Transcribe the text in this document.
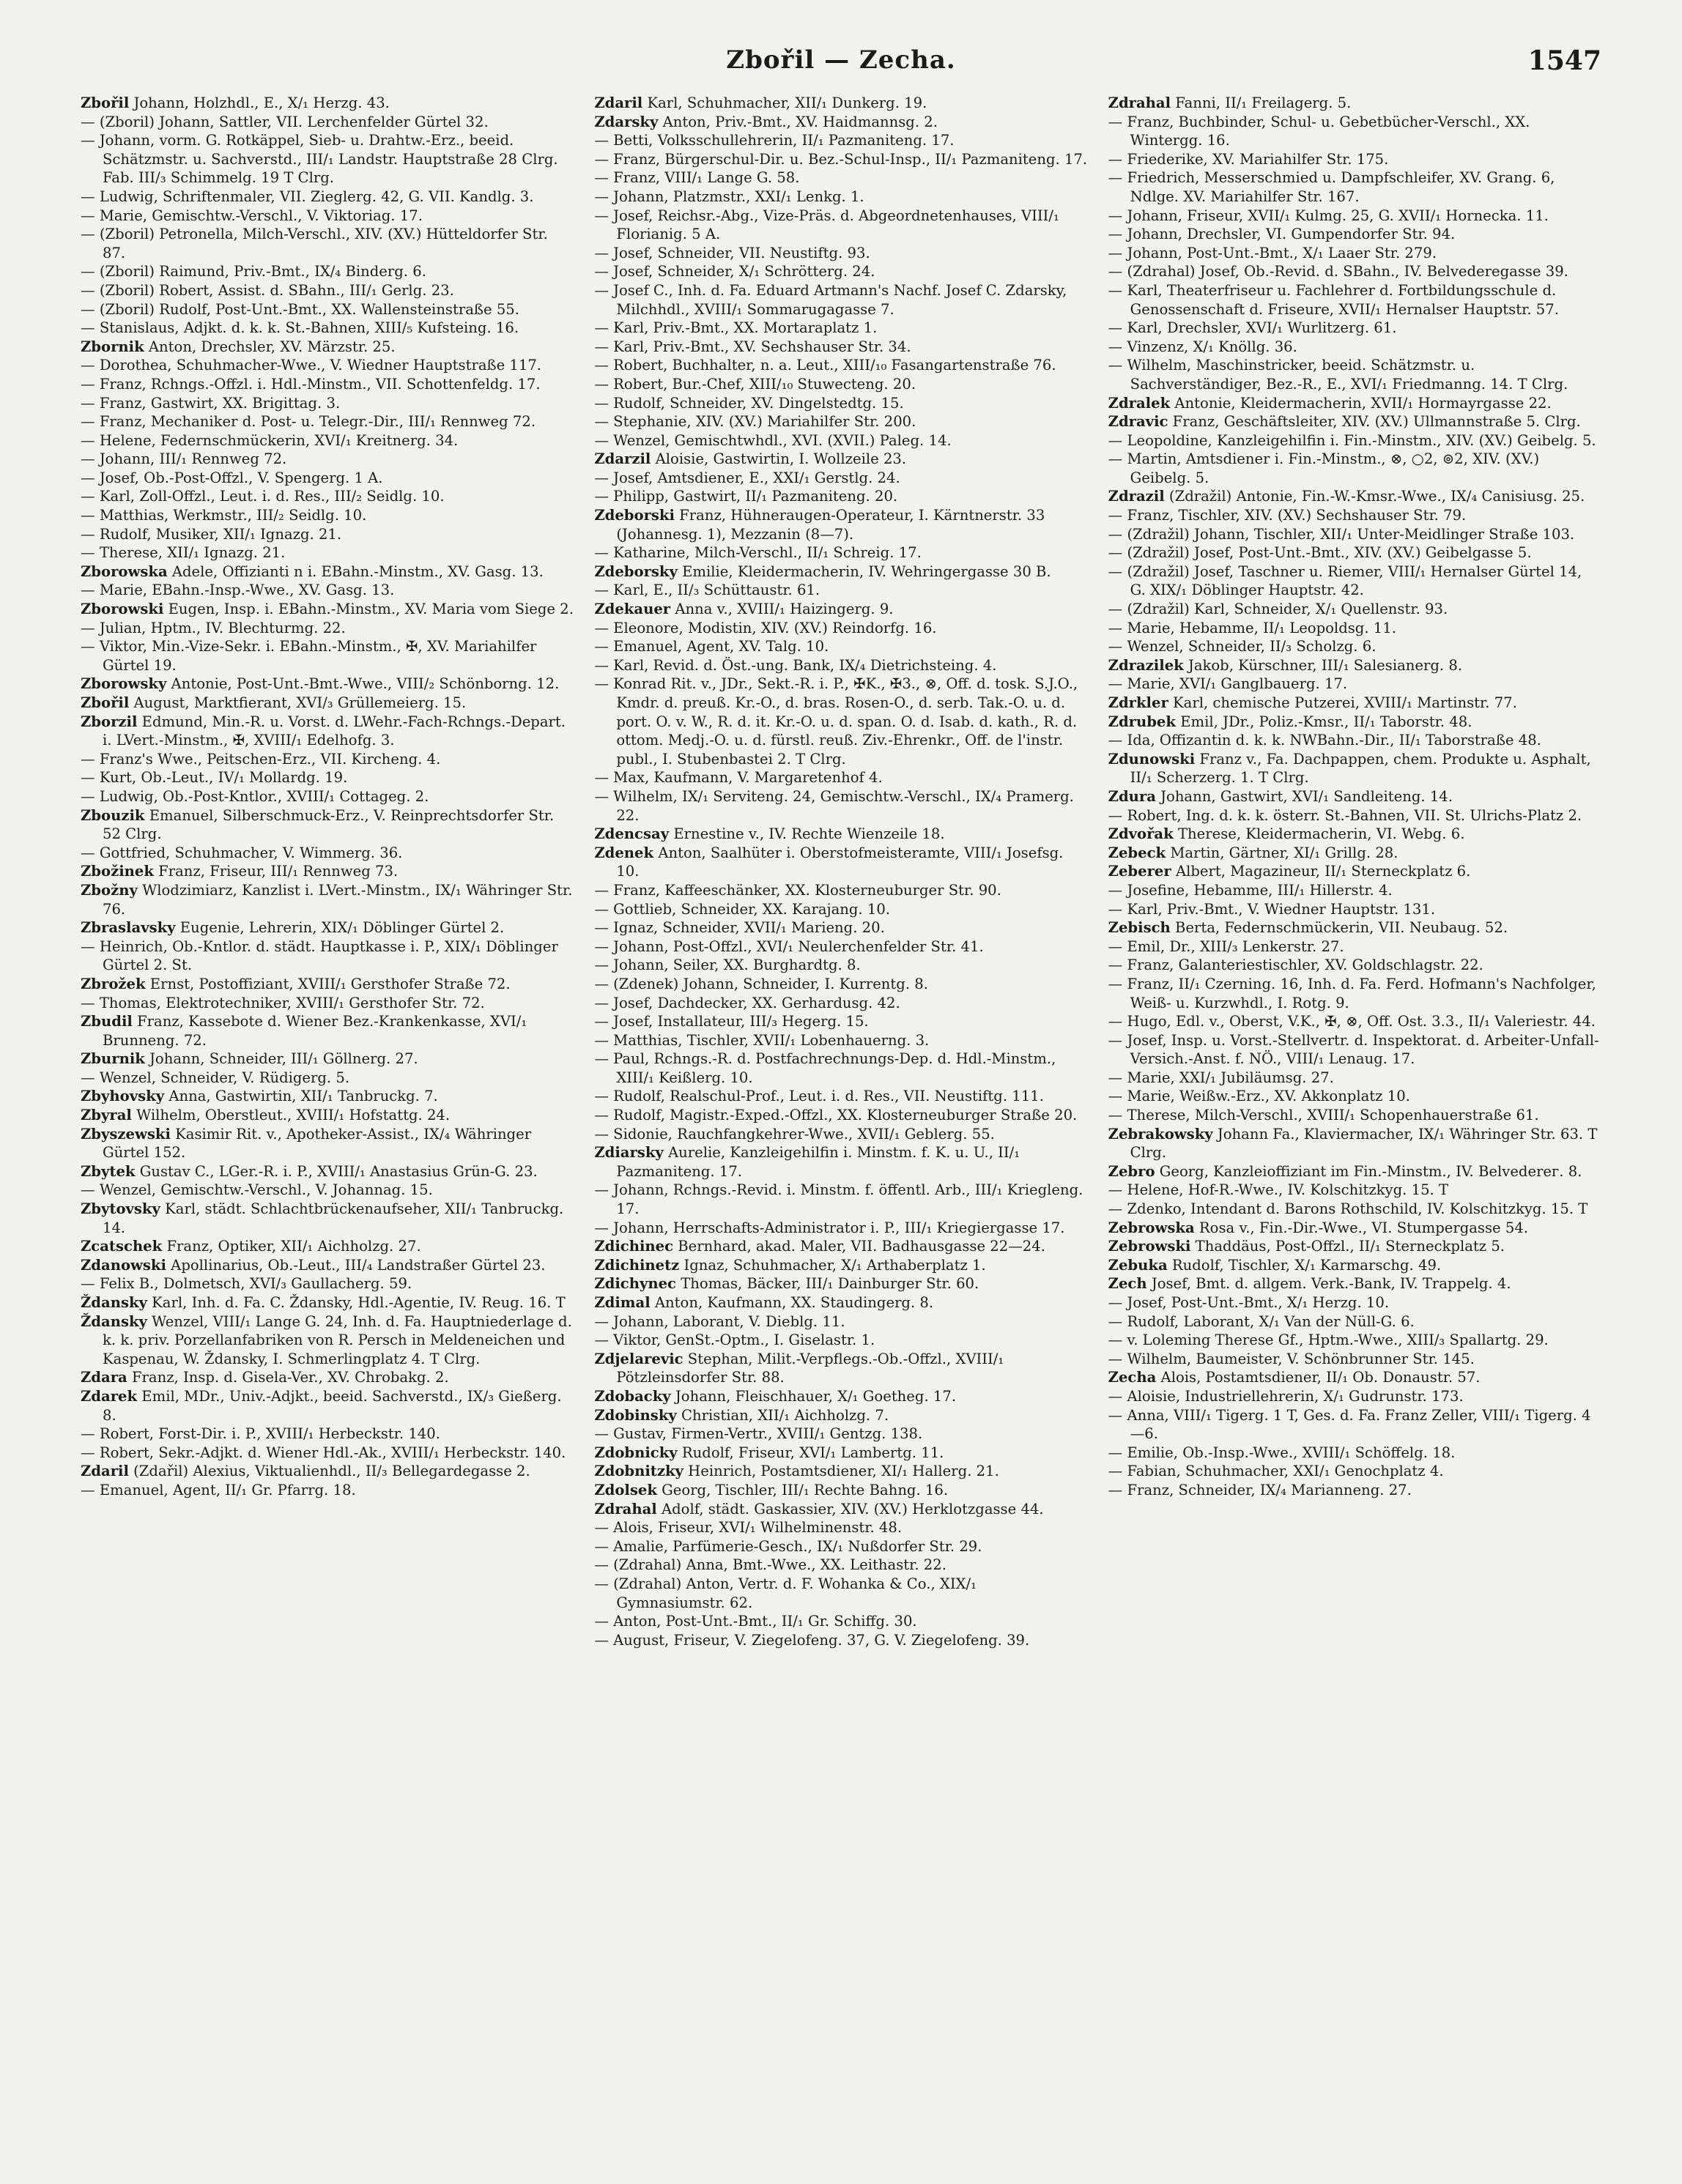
Zbořil — Zecha.	1547

Zbořil Johann, Holzhdl., E., X/₁ Herzg. 43.

— (Zboril) Johann, Sattler, VII. Lerchenfelder Gürtel 32.

— Johann, vorm. G. Rotkäppel, Sieb- u. Drahtw.-Erz., beeid. Schätzmstr. u. Sachverstd., III/₁ Landstr. Hauptstraße 28 Clrg. Fab. III/₃ Schimmelg. 19 T Clrg.

— Ludwig, Schriftenmaler, VII. Zieglerg. 42, G. VII. Kandlg. 3.

— Marie, Gemischtw.-Verschl., V. Viktoriag. 17.

— (Zboril) Petronella, Milch-Verschl., XIV. (XV.) Hütteldorfer Str. 87.

— (Zboril) Raimund, Priv.-Bmt., IX/₄ Binderg. 6.

— (Zboril) Robert, Assist. d. SBahn., III/₁ Gerlg. 23.

— (Zboril) Rudolf, Post-Unt.-Bmt., XX. Wallensteinstraße 55.

— Stanislaus, Adjkt. d. k. k. St.-Bahnen, XIII/₅ Kufsteing. 16.

Zbornik Anton, Drechsler, XV. Märzstr. 25.

— Dorothea, Schuhmacher-Wwe., V. Wiedner Hauptstraße 117.

— Franz, Rchngs.-Offzl. i. Hdl.-Minstm., VII. Schottenfeldg. 17.

— Franz, Gastwirt, XX. Brigittag. 3.

— Franz, Mechaniker d. Post- u. Telegr.-Dir., III/₁ Rennweg 72.

— Helene, Federnschmückerin, XVI/₁ Kreitnerg. 34.

— Johann, III/₁ Rennweg 72.

— Josef, Ob.-Post-Offzl., V. Spengerg. 1 A.

— Karl, Zoll-Offzl., Leut. i. d. Res., III/₂ Seidlg. 10.

— Matthias, Werkmstr., III/₂ Seidlg. 10.

— Rudolf, Musiker, XII/₁ Ignazg. 21.

— Therese, XII/₁ Ignazg. 21.

Zborowska Adele, Offizianti n i. EBahn.-Minstm., XV. Gasg. 13.

— Marie, EBahn.-Insp.-Wwe., XV. Gasg. 13.

Zborowski Eugen, Insp. i. EBahn.-Minstm., XV. Maria vom Siege 2.

— Julian, Hptm., IV. Blechturmg. 22.

— Viktor, Min.-Vize-Sekr. i. EBahn.-Minstm., ✠, XV. Mariahilfer Gürtel 19.

Zborowsky Antonie, Post-Unt.-Bmt.-Wwe., VIII/₂ Schönborng. 12.

Zbořil August, Marktfierant, XVI/₃ Grüllemeierg. 15.

Zborzil Edmund, Min.-R. u. Vorst. d. LWehr.-Fach-Rchngs.-Depart. i. LVert.-Minstm., ✠, XVIII/₁ Edelhofg. 3.

— Franz's Wwe., Peitschen-Erz., VII. Kircheng. 4.

— Kurt, Ob.-Leut., IV/₁ Mollardg. 19.

— Ludwig, Ob.-Post-Kntlor., XVIII/₁ Cottageg. 2.

Zbouzik Emanuel, Silberschmuck-Erz., V. Reinprechtsdorfer Str. 52 Clrg.

— Gottfried, Schuhmacher, V. Wimmerg. 36.

Zbožinek Franz, Friseur, III/₁ Rennweg 73.

Zbožny Wlodzimiarz, Kanzlist i. LVert.-Minstm., IX/₁ Währinger Str. 76.

Zbraslavsky Eugenie, Lehrerin, XIX/₁ Döblinger Gürtel 2.

— Heinrich, Ob.-Kntlor. d. städt. Hauptkasse i. P., XIX/₁ Döblinger Gürtel 2. St.

Zbrožek Ernst, Postoffiziant, XVIII/₁ Gersthofer Straße 72.

— Thomas, Elektrotechniker, XVIII/₁ Gersthofer Str. 72.

Zbudil Franz, Kassebote d. Wiener Bez.-Krankenkasse, XVI/₁ Brunneng. 72.

Zburnik Johann, Schneider, III/₁ Göllnerg. 27.

— Wenzel, Schneider, V. Rüdigerg. 5.

Zbyhovsky Anna, Gastwirtin, XII/₁ Tanbruckg. 7.

Zbyral Wilhelm, Oberstleut., XVIII/₁ Hofstattg. 24.

Zbyszewski Kasimir Rit. v., Apotheker-Assist., IX/₄ Währinger Gürtel 152.

Zbytek Gustav C., LGer.-R. i. P., XVIII/₁ Anastasius Grün-G. 23.

— Wenzel, Gemischtw.-Verschl., V. Johannag. 15.

Zbytovsky Karl, städt. Schlachtbrückenaufseher, XII/₁ Tanbruckg. 14.

Zcatschek Franz, Optiker, XII/₁ Aichholzg. 27.

Zdanowski Apollinarius, Ob.-Leut., III/₄ Landstraßer Gürtel 23.

— Felix B., Dolmetsch, XVI/₃ Gaullacherg. 59.

Ždansky Karl, Inh. d. Fa. C. Ždansky, Hdl.-Agentie, IV. Reug. 16. T

Ždansky Wenzel, VIII/₁ Lange G. 24, Inh. d. Fa. Hauptniederlage d. k. k. priv. Porzellanfabriken von R. Persch in Meldeneichen und Kaspenau, W. Ždansky, I. Schmerlingplatz 4. T Clrg.

Zdara Franz, Insp. d. Gisela-Ver., XV. Chrobakg. 2.

Zdarek Emil, MDr., Univ.-Adjkt., beeid. Sachverstd., IX/₃ Gießerg. 8.

— Robert, Forst-Dir. i. P., XVIII/₁ Herbeckstr. 140.

— Robert, Sekr.-Adjkt. d. Wiener Hdl.-Ak., XVIII/₁ Herbeckstr. 140.

Zdaril (Zdařil) Alexius, Viktualienhdl., II/₃ Bellegardegasse 2.

— Emanuel, Agent, II/₁ Gr. Pfarrg. 18.

Zdaril Karl, Schuhmacher, XII/₁ Dunkerg. 19.

Zdarsky Anton, Priv.-Bmt., XV. Haidmannsg. 2.

— Betti, Volksschullehrerin, II/₁ Pazmaniteng. 17.

— Franz, Bürgerschul-Dir. u. Bez.-Schul-Insp., II/₁ Pazmaniteng. 17.

— Franz, VIII/₁ Lange G. 58.

— Johann, Platzmstr., XXI/₁ Lenkg. 1.

— Josef, Reichsr.-Abg., Vize-Präs. d. Abgeordnetenhauses, VIII/₁ Florianig. 5 A.

— Josef, Schneider, VII. Neustiftg. 93.

— Josef, Schneider, X/₁ Schrötterg. 24.

— Josef C., Inh. d. Fa. Eduard Artmann's Nachf. Josef C. Zdarsky, Milchhdl., XVIII/₁ Sommarugagasse 7.

— Karl, Priv.-Bmt., XX. Mortaraplatz 1.

— Karl, Priv.-Bmt., XV. Sechshauser Str. 34.

— Robert, Buchhalter, n. a. Leut., XIII/₁₀ Fasangartenstraße 76.

— Robert, Bur.-Chef, XIII/₁₀ Stuwecteng. 20.

— Rudolf, Schneider, XV. Dingelstedtg. 15.

— Stephanie, XIV. (XV.) Mariahilfer Str. 200.

— Wenzel, Gemischtwhdl., XVI. (XVII.) Paleg. 14.

Zdarzil Aloisie, Gastwirtin, I. Wollzeile 23.

— Josef, Amtsdiener, E., XXI/₁ Gerstlg. 24.

— Philipp, Gastwirt, II/₁ Pazmaniteng. 20.

Zdeborski Franz, Hühneraugen-Operateur, I. Kärntnerstr. 33 (Johannesg. 1), Mezzanin (8—7).

— Katharine, Milch-Verschl., II/₁ Schreig. 17.

Zdeborsky Emilie, Kleidermacherin, IV. Wehringergasse 30 B.

— Karl, E., II/₃ Schüttaustr. 61.

Zdekauer Anna v., XVIII/₁ Haizingerg. 9.

— Eleonore, Modistin, XIV. (XV.) Reindorfg. 16.

— Emanuel, Agent, XV. Talg. 10.

— Karl, Revid. d. Öst.-ung. Bank, IX/₄ Dietrichsteing. 4.

— Konrad Rit. v., JDr., Sekt.-R. i. P., ✠K., ✠3., ⊗, Off. d. tosk. S.J.O., Kmdr. d. preuß. Kr.-O., d. bras. Rosen-O., d. serb. Tak.-O. u. d. port. O. v. W., R. d. it. Kr.-O. u. d. span. O. d. Isab. d. kath., R. d. ottom. Medj.-O. u. d. fürstl. reuß. Ziv.-Ehrenkr., Off. de l'instr. publ., I. Stubenbastei 2. T Clrg.

— Max, Kaufmann, V. Margaretenhof 4.

— Wilhelm, IX/₁ Serviteng. 24, Gemischtw.-Verschl., IX/₄ Pramerg. 22.

Zdencsay Ernestine v., IV. Rechte Wienzeile 18.

Zdenek Anton, Saalhüter i. Oberstofmeisteramte, VIII/₁ Josefsg. 10.

— Franz, Kaffeeschänker, XX. Klosterneuburger Str. 90.

— Gottlieb, Schneider, XX. Karajang. 10.

— Ignaz, Schneider, XVII/₁ Marieng. 20.

— Johann, Post-Offzl., XVI/₁ Neulerchenfelder Str. 41.

— Johann, Seiler, XX. Burghardtg. 8.

— (Zdenek) Johann, Schneider, I. Kurrentg. 8.

— Josef, Dachdecker, XX. Gerhardusg. 42.

— Josef, Installateur, III/₃ Hegerg. 15.

— Matthias, Tischler, XVII/₁ Lobenhauerng. 3.

— Paul, Rchngs.-R. d. Postfachrechnungs-Dep. d. Hdl.-Minstm., XIII/₁ Keißlerg. 10.

— Rudolf, Realschul-Prof., Leut. i. d. Res., VII. Neustiftg. 111.

— Rudolf, Magistr.-Exped.-Offzl., XX. Klosterneuburger Straße 20.

— Sidonie, Rauchfangkehrer-Wwe., XVII/₁ Geblerg. 55.

Zdiarsky Aurelie, Kanzleigehilfin i. Minstm. f. K. u. U., II/₁ Pazmaniteng. 17.

— Johann, Rchngs.-Revid. i. Minstm. f. öffentl. Arb., III/₁ Kriegleng. 17.

— Johann, Herrschafts-Administrator i. P., III/₁ Kriegiergasse 17.

Zdichinec Bernhard, akad. Maler, VII. Badhausgasse 22—24.

Zdichinetz Ignaz, Schuhmacher, X/₁ Arthaberplatz 1.

Zdichynec Thomas, Bäcker, III/₁ Dainburger Str. 60.

Zdimal Anton, Kaufmann, XX. Staudingerg. 8.

— Johann, Laborant, V. Dieblg. 11.

— Viktor, GenSt.-Optm., I. Giselastr. 1.

Zdjelarevic Stephan, Milit.-Verpflegs.-Ob.-Offzl., XVIII/₁ Pötzleinsdorfer Str. 88.

Zdobacky Johann, Fleischhauer, X/₁ Goetheg. 17.

Zdobinsky Christian, XII/₁ Aichholzg. 7.

— Gustav, Firmen-Vertr., XVIII/₁ Gentzg. 138.

Zdobnicky Rudolf, Friseur, XVI/₁ Lambertg. 11.

Zdobnitzky Heinrich, Postamtsdiener, XI/₁ Hallerg. 21.

Zdolsek Georg, Tischler, III/₁ Rechte Bahng. 16.

Zdrahal Adolf, städt. Gaskassier, XIV. (XV.) Herklotzgasse 44.

— Alois, Friseur, XVI/₁ Wilhelminenstr. 48.

— Amalie, Parfümerie-Gesch., IX/₁ Nußdorfer Str. 29.

— (Zdrahal) Anna, Bmt.-Wwe., XX. Leithastr. 22.

— (Zdrahal) Anton, Vertr. d. F. Wohanka & Co., XIX/₁ Gymnasiumstr. 62.

— Anton, Post-Unt.-Bmt., II/₁ Gr. Schiffg. 30.

— August, Friseur, V. Ziegelofeng. 37, G. V. Ziegelofeng. 39.

Zdrahal Fanni, II/₁ Freilagerg. 5.

— Franz, Buchbinder, Schul- u. Gebetbücher-Verschl., XX. Wintergg. 16.

— Friederike, XV. Mariahilfer Str. 175.

— Friedrich, Messerschmied u. Dampfschleifer, XV. Grang. 6, Ndlge. XV. Mariahilfer Str. 167.

— Johann, Friseur, XVII/₁ Kulmg. 25, G. XVII/₁ Hornecka. 11.

— Johann, Drechsler, VI. Gumpendorfer Str. 94.

— Johann, Post-Unt.-Bmt., X/₁ Laaer Str. 279.

— (Zdrahal) Josef, Ob.-Revid. d. SBahn., IV. Belvederegasse 39.

— Karl, Theaterfriseur u. Fachlehrer d. Fortbildungsschule d. Genossenschaft d. Friseure, XVII/₁ Hernalser Hauptstr. 57.

— Karl, Drechsler, XVI/₁ Wurlitzerg. 61.

— Vinzenz, X/₁ Knöllg. 36.

— Wilhelm, Maschinstricker, beeid. Schätzmstr. u. Sachverständiger, Bez.-R., E., XVI/₁ Friedmanng. 14. T Clrg.

Zdralek Antonie, Kleidermacherin, XVII/₁ Hormayrgasse 22.

Zdravic Franz, Geschäftsleiter, XIV. (XV.) Ullmannstraße 5. Clrg.

— Leopoldine, Kanzleigehilfin i. Fin.-Minstm., XIV. (XV.) Geibelg. 5.

— Martin, Amtsdiener i. Fin.-Minstm., ⊗, ○2, ⊚2, XIV. (XV.) Geibelg. 5.

Zdrazil (Zdražil) Antonie, Fin.-W.-Kmsr.-Wwe., IX/₄ Canisiusg. 25.

— Franz, Tischler, XIV. (XV.) Sechshauser Str. 79.

— (Zdražil) Johann, Tischler, XII/₁ Unter-Meidlinger Straße 103.

— (Zdražil) Josef, Post-Unt.-Bmt., XIV. (XV.) Geibelgasse 5.

— (Zdražil) Josef, Taschner u. Riemer, VIII/₁ Hernalser Gürtel 14, G. XIX/₁ Döblinger Hauptstr. 42.

— (Zdražil) Karl, Schneider, X/₁ Quellenstr. 93.

— Marie, Hebamme, II/₁ Leopoldsg. 11.

— Wenzel, Schneider, II/₃ Scholzg. 6.

Zdrazilek Jakob, Kürschner, III/₁ Salesianerg. 8.

— Marie, XVI/₁ Ganglbauerg. 17.

Zdrkler Karl, chemische Putzerei, XVIII/₁ Martinstr. 77.

Zdrubek Emil, JDr., Poliz.-Kmsr., II/₁ Taborstr. 48.

— Ida, Offizantin d. k. k. NWBahn.-Dir., II/₁ Taborstraße 48.

Zdunowski Franz v., Fa. Dachpappen, chem. Produkte u. Asphalt, II/₁ Scherzerg. 1. T Clrg.

Zdura Johann, Gastwirt, XVI/₁ Sandleiteng. 14.

— Robert, Ing. d. k. k. österr. St.-Bahnen, VII. St. Ulrichs-Platz 2.

Zdvořak Therese, Kleidermacherin, VI. Webg. 6.

Zebeck Martin, Gärtner, XI/₁ Grillg. 28.

Zeberer Albert, Magazineur, II/₁ Sterneckplatz 6.

— Josefine, Hebamme, III/₁ Hillerstr. 4.

— Karl, Priv.-Bmt., V. Wiedner Hauptstr. 131.

Zebisch Berta, Federnschmückerin, VII. Neubaug. 52.

— Emil, Dr., XIII/₃ Lenkerstr. 27.

— Franz, Galanteriestischler, XV. Goldschlagstr. 22.

— Franz, II/₁ Czerning. 16, Inh. d. Fa. Ferd. Hofmann's Nachfolger, Weiß- u. Kurzwhdl., I. Rotg. 9.

— Hugo, Edl. v., Oberst, V.K., ✠, ⊗, Off. Ost. 3.3., II/₁ Valeriestr. 44.

— Josef, Insp. u. Vorst.-Stellvertr. d. Inspektorat. d. Arbeiter-Unfall-Versich.-Anst. f. NÖ., VIII/₁ Lenaug. 17.

— Marie, XXI/₁ Jubiläumsg. 27.

— Marie, Weißw.-Erz., XV. Akkonplatz 10.

— Therese, Milch-Verschl., XVIII/₁ Schopenhauerstraße 61.

Zebrakowsky Johann Fa., Klaviermacher, IX/₁ Währinger Str. 63. T Clrg.

Zebro Georg, Kanzleioffiziant im Fin.-Minstm., IV. Belvederег. 8.

— Helene, Hof-R.-Wwe., IV. Kolschitzkyg. 15. T

— Zdenko, Intendant d. Barons Rothschild, IV. Kolschitzkyg. 15. T

Zebrowska Rosa v., Fin.-Dir.-Wwe., VI. Stumpergasse 54.

Zebrowski Thaddäus, Post-Offzl., II/₁ Sterneckplatz 5.

Zebuka Rudolf, Tischler, X/₁ Karmarschg. 49.

Zech Josef, Bmt. d. allgem. Verk.-Bank, IV. Trappelg. 4.

— Josef, Post-Unt.-Bmt., X/₁ Herzg. 10.

— Rudolf, Laborant, X/₁ Van der Nüll-G. 6.

— v. Loleming Therese Gf., Hptm.-Wwe., XIII/₃ Spallartg. 29.

— Wilhelm, Baumeister, V. Schönbrunner Str. 145.

Zecha Alois, Postamtsdiener, II/₁ Ob. Donaustr. 57.

— Aloisie, Industriellehrerin, X/₁ Gudrunstr. 173.

— Anna, VIII/₁ Tigerg. 1 T, Ges. d. Fa. Franz Zeller, VIII/₁ Tigerg. 4—6.

— Emilie, Ob.-Insp.-Wwe., XVIII/₁ Schöffelg. 18.

— Fabian, Schuhmacher, XXI/₁ Genochplatz 4.

— Franz, Schneider, IX/₄ Mariannеng. 27.
